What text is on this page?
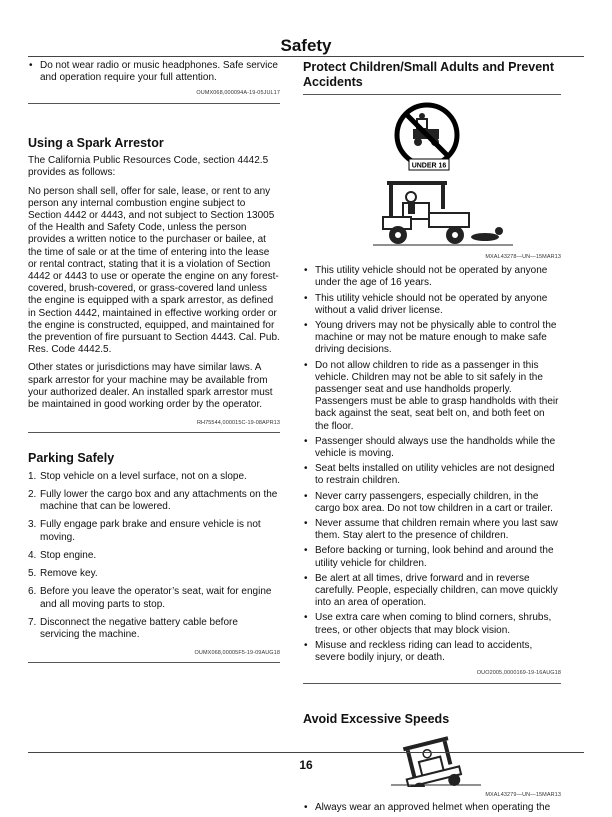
Safety
• Do not wear radio or music headphones. Safe service and operation require your full attention.
OUMX068,000094A-19-05JUL17
Using a Spark Arrestor

The California Public Resources Code, section 4442.5 provides as follows:

No person shall sell, offer for sale, lease, or rent to any person any internal combustion engine subject to Section 4442 or 4443, and not subject to Section 13005 of the Health and Safety Code, unless the person provides a written notice to the purchaser or bailee, at the time of sale or at the time of entering into the lease or rental contract, stating that it is a violation of Section 4442 or 4443 to use or operate the engine on any forest-covered, brush-covered, or grass-covered land unless the engine is equipped with a spark arrestor, as defined in Section 4442, maintained in effective working order or the engine is constructed, equipped, and maintained for the prevention of fire pursuant to Section 4443. Cal. Pub. Res. Code 4442.5.

Other states or jurisdictions may have similar laws. A spark arrestor for your machine may be available from your authorized dealer. An installed spark arrestor must be maintained in good working order by the operator.

RH75544,000015C-19-08APR13
Parking Safely
1. Stop vehicle on a level surface, not on a slope.
2. Fully lower the cargo box and any attachments on the machine that can be lowered.
3. Fully engage park brake and ensure vehicle is not moving.
4. Stop engine.
5. Remove key.
6. Before you leave the operator’s seat, wait for engine and all moving parts to stop.
7. Disconnect the negative battery cable before servicing the machine.
OUMX068,00005F5-19-09AUG18
Protect Children/Small Adults and Prevent Accidents
UNDER 16
MXAL43278—UN—15MAR13
• This utility vehicle should not be operated by anyone under the age of 16 years.
• This utility vehicle should not be operated by anyone without a valid driver license.
• Young drivers may not be physically able to control the machine or may not be mature enough to make safe driving decisions.
• Do not allow children to ride as a passenger in this vehicle. Children may not be able to sit safely in the passenger seat and use handholds properly. Passengers must be able to grasp handholds with their back against the seat, seat belt on, and both feet on the floor.
• Passenger should always use the handholds while the vehicle is moving.
• Seat belts installed on utility vehicles are not designed to restrain children.
• Never carry passengers, especially children, in the cargo box area. Do not tow children in a cart or trailer.
• Never assume that children remain where you last saw them. Stay alert to the presence of children.
• Before backing or turning, look behind and around the utility vehicle for children.
• Be alert at all times, drive forward and in reverse carefully. People, especially children, can move quickly into an area of operation.
• Use extra care when coming to blind corners, shrubs, trees, or other objects that may block vision.
• Misuse and reckless riding can lead to accidents, severe bodily injury, or death.
OUO2005,0000169-19-16AUG18
Avoid Excessive Speeds
MXAL43279—UN—15MAR13
• Always wear an approved helmet when operating the
16
